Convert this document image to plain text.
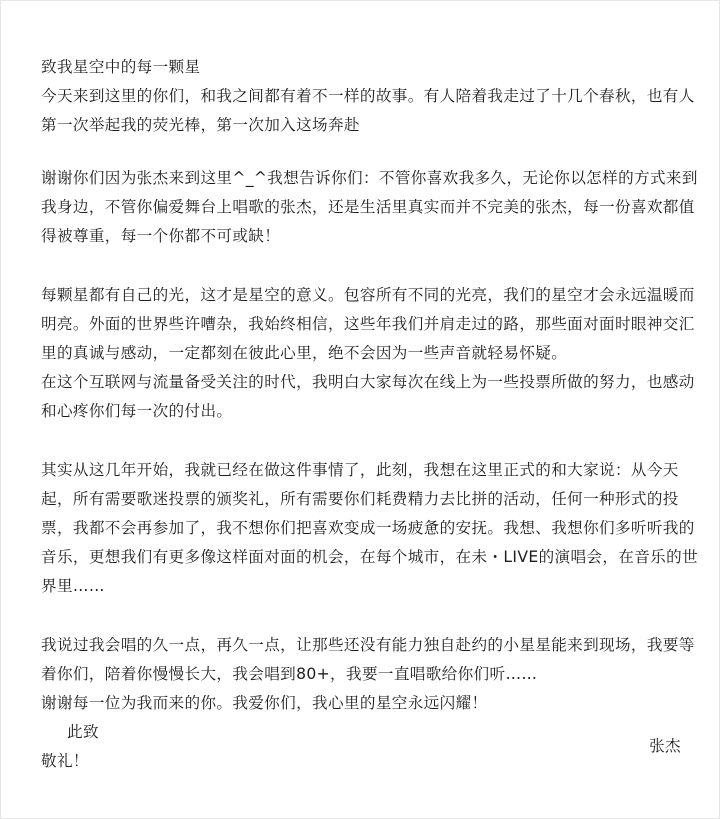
致我星空中的每一颗星
今天来到这里的你们，和我之间都有着不一样的故事。有人陪着我走过了十几个春秋，也有人
第一次举起我的荧光棒，第一次加入这场奔赴
谢谢你们因为张杰来到这里^_^我想告诉你们：不管你喜欢我多久，无论你以怎样的方式来到
我身边，不管你偏爱舞台上唱歌的张杰，还是生活里真实而并不完美的张杰，每一份喜欢都值
得被尊重，每一个你都不可或缺！
每颗星都有自己的光，这才是星空的意义。包容所有不同的光亮，我们的星空才会永远温暖而
明亮。外面的世界些许嘈杂，我始终相信，这些年我们并肩走过的路，那些面对面时眼神交汇
里的真诚与感动，一定都刻在彼此心里，绝不会因为一些声音就轻易怀疑。
在这个互联网与流量备受关注的时代，我明白大家每次在线上为一些投票所做的努力，也感动
和心疼你们每一次的付出。
其实从这几年开始，我就已经在做这件事情了，此刻，我想在这里正式的和大家说：从今天
起，所有需要歌迷投票的颁奖礼，所有需要你们耗费精力去比拼的活动，任何一种形式的投
票，我都不会再参加了，我不想你们把喜欢变成一场疲惫的安抚。我想、我想你们多听听我的
音乐，更想我们有更多像这样面对面的机会，在每个城市，在未・LIVE的演唱会，在音乐的世
界里……
我说过我会唱的久一点，再久一点，让那些还没有能力独自赴约的小星星能来到现场，我要等
着你们，陪着你慢慢长大，我会唱到80+，我要一直唱歌给你们听……
谢谢每一位为我而来的你。我爱你们，我心里的星空永远闪耀！
此致
敬礼！
张杰
